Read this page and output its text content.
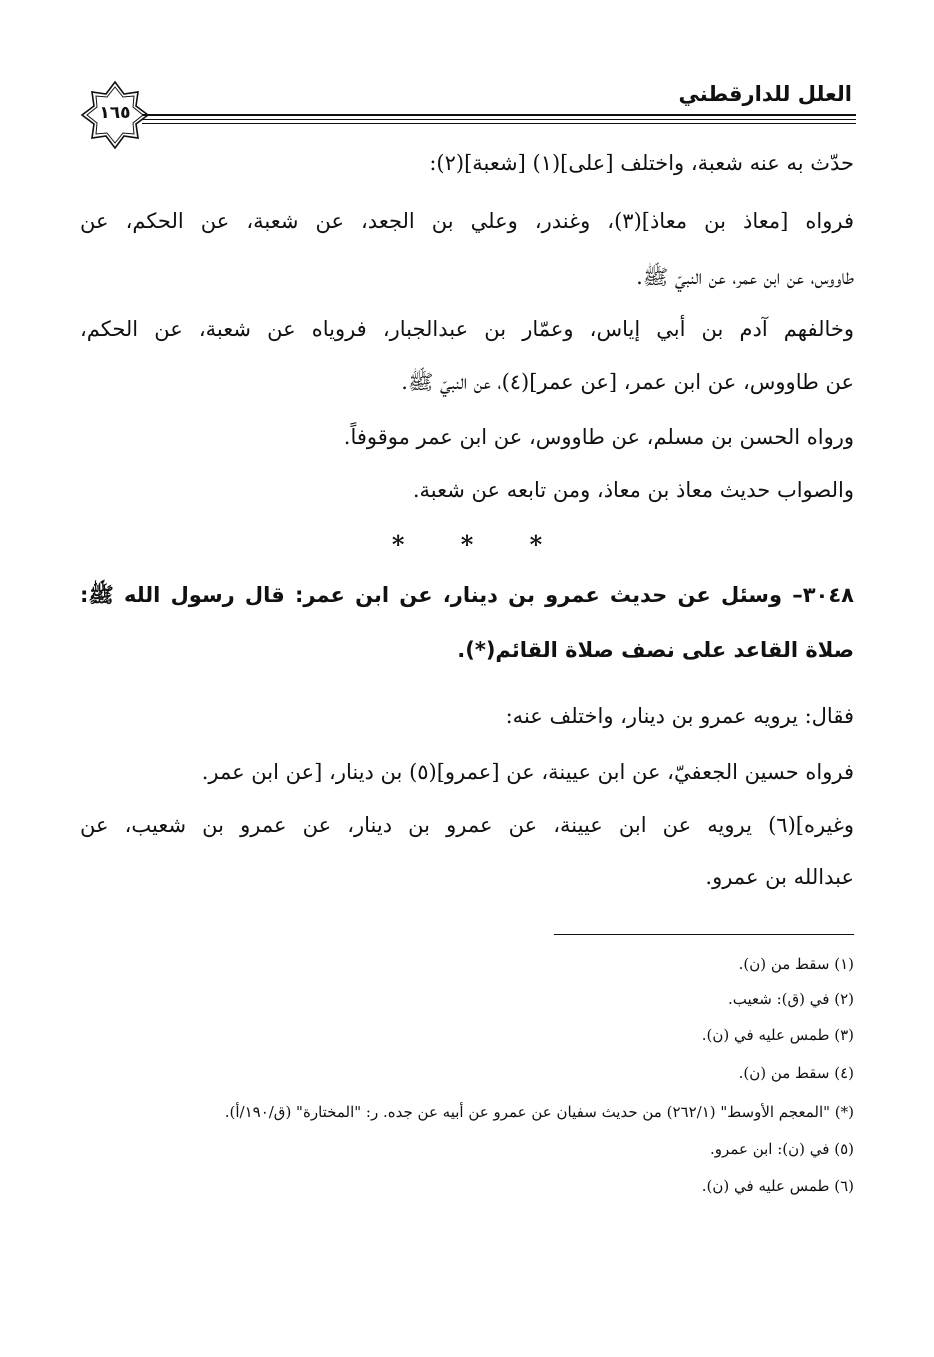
العلل للدارقطني
١٦٥
حدّث به عنه شعبة، واختلف [على](١) [شعبة](٢):
فرواه [معاذ بن معاذ](٣)، وغندر، وعلي بن الجعد، عن شعبة، عن الحكم، عن
طاووس، عن ابن عمر، عن النبيّ ﷺ.
وخالفهم آدم بن أبي إياس، وعمّار بن عبدالجبار، فروياه عن شعبة، عن الحكم،
عن طاووس، عن ابن عمر، [عن عمر](٤)، عن النبيّ ﷺ.
ورواه الحسن بن مسلم، عن طاووس، عن ابن عمر موقوفاً.
والصواب حديث معاذ بن معاذ، ومن تابعه عن شعبة.
* * *
٣٠٤٨– وسئل عن حديث عمرو بن دينار، عن ابن عمر: قال رسول الله ﷺ:
صلاة القاعد على نصف صلاة القائم(*).
فقال: يرويه عمرو بن دينار، واختلف عنه:
فرواه حسين الجعفيّ، عن ابن عيينة، عن [عمرو](٥) بن دينار، [عن ابن عمر.
وغيره](٦) يرويه عن ابن عيينة، عن عمرو بن دينار، عن عمرو بن شعيب، عن
عبدالله بن عمرو.
(١) سقط من (ن).
(٢) في (ق): شعيب.
(٣) طمس عليه في (ن).
(٤) سقط من (ن).
(*) "المعجم الأوسط" (٢٦٢/١) من حديث سفيان عن عمرو عن أبيه عن جده. ر: "المختارة" (ق/١٩٠/أ).
(٥) في (ن): ابن عمرو.
(٦) طمس عليه في (ن).
